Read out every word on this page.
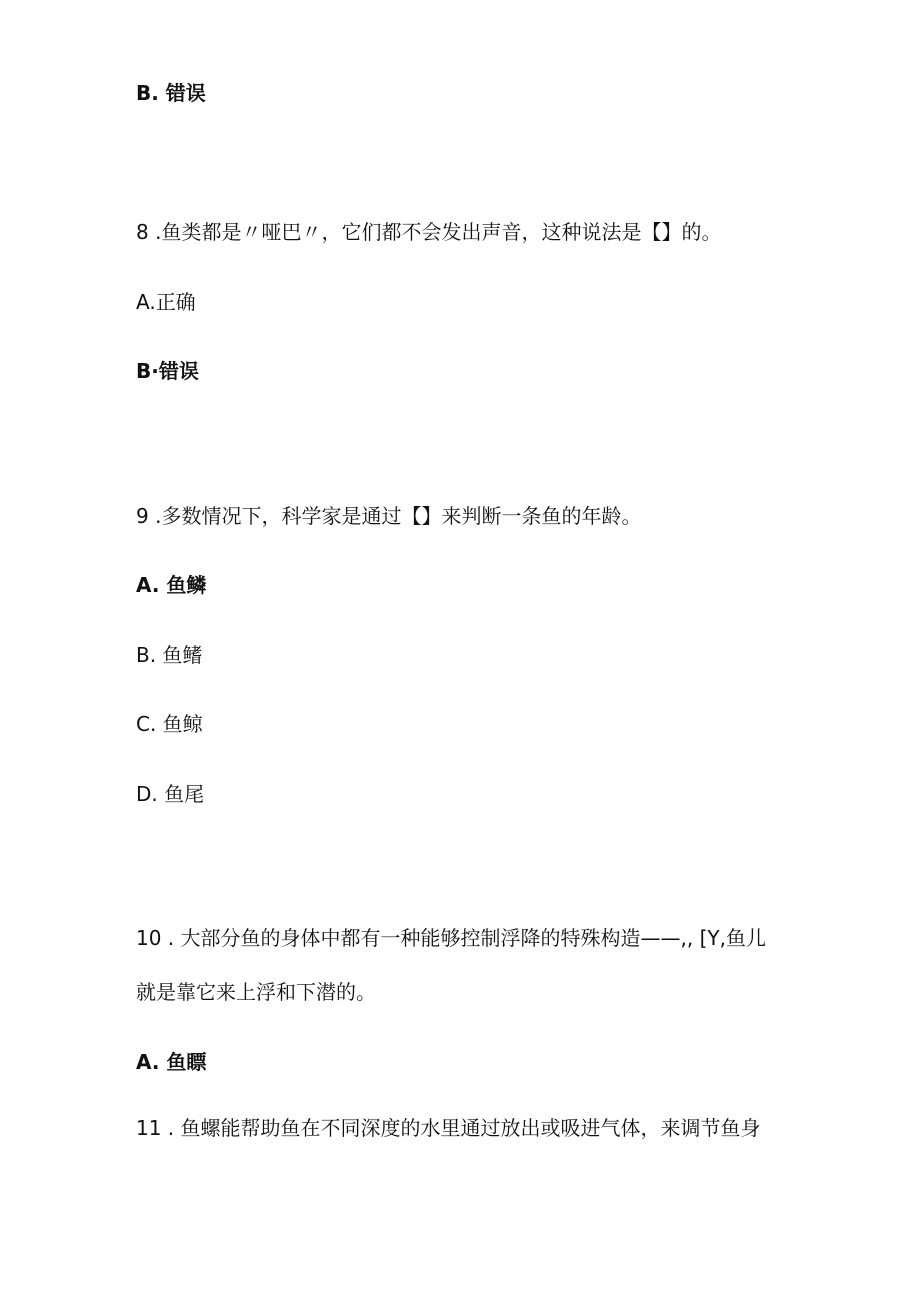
B. 错误
8 .鱼类都是〃哑巴〃，它们都不会发出声音，这种说法是【】的。
A.正确
B·错误
9 .多数情况下，科学家是通过【】来判断一条鱼的年龄。
A. 鱼鳞
B. 鱼鳍
C. 鱼鲸
D. 鱼尾
10 . 大部分鱼的身体中都有一种能够控制浮降的特殊构造——,, [Y,鱼儿
就是靠它来上浮和下潜的。
A. 鱼瞟
11 . 鱼螺能帮助鱼在不同深度的水里通过放出或吸进气体，来调节鱼身
